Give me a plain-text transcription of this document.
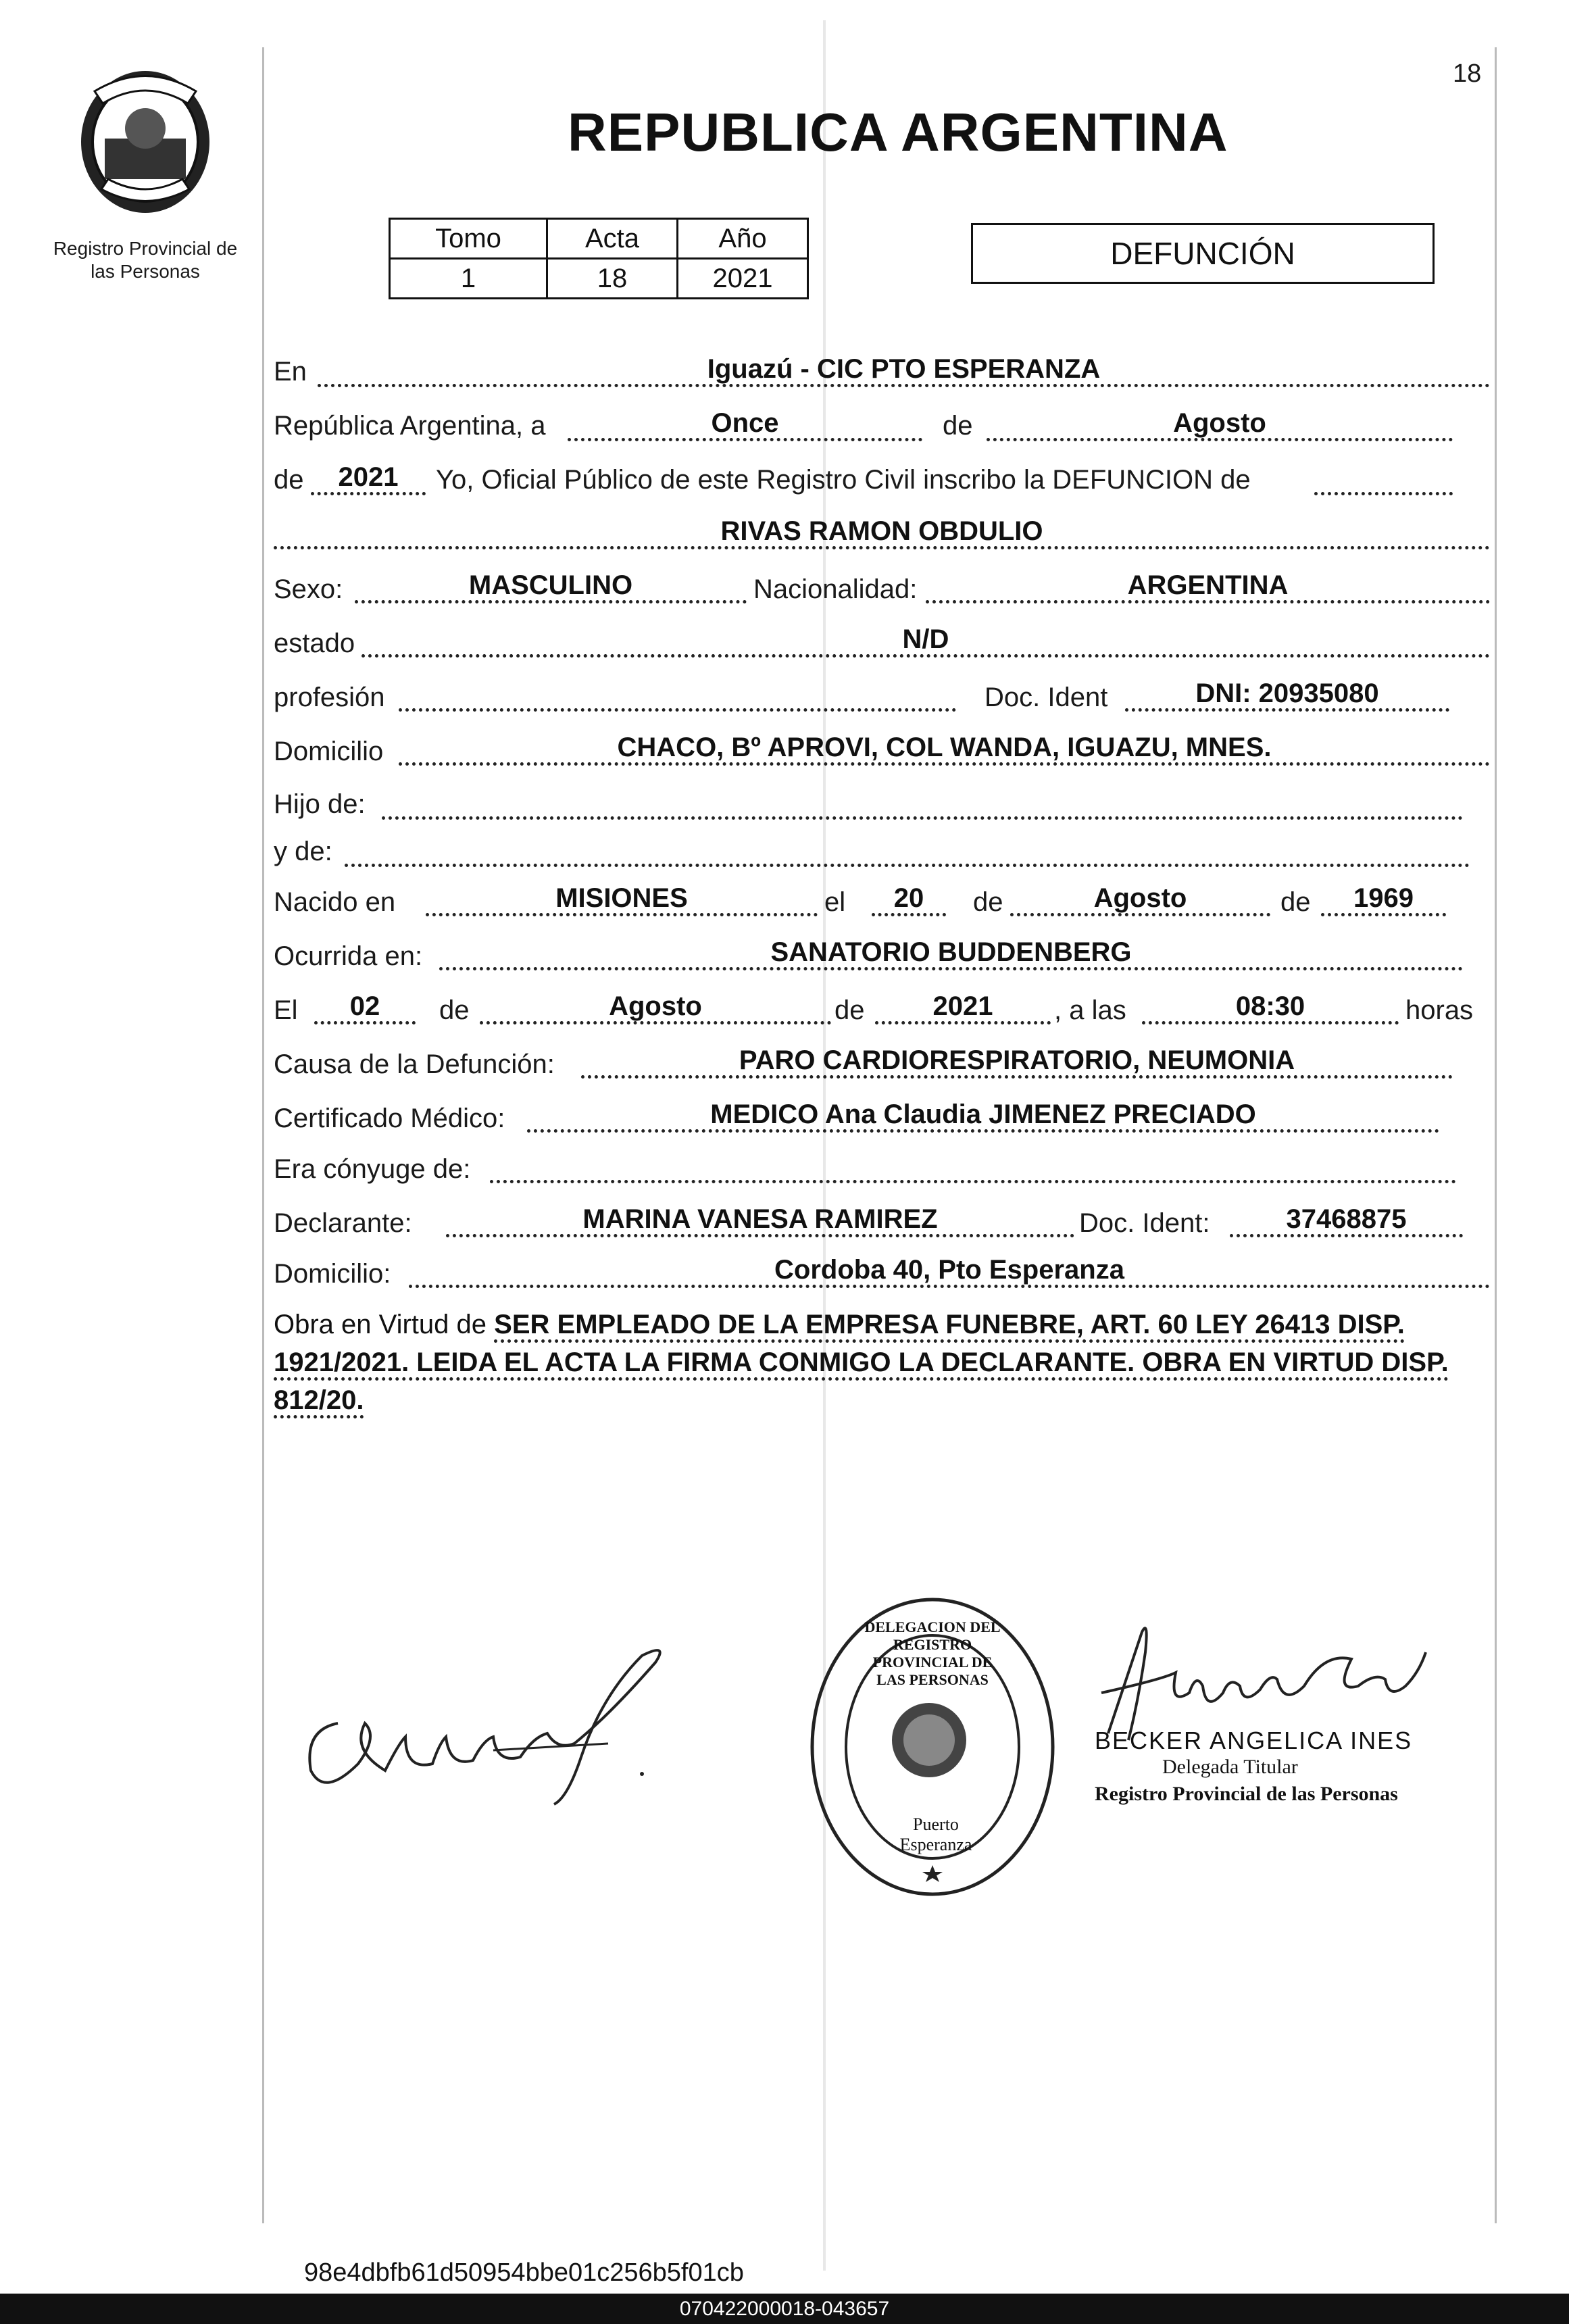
18
Registro Provincial de
las Personas
REPUBLICA ARGENTINA
Tomo	Acta	Año
1	18	2021
DEFUNCIÓN
En	Iguazú - CIC PTO ESPERANZA
República Argentina, a	Once	de	Agosto
de	2021	Yo, Oficial Público de este Registro Civil inscribo la DEFUNCION de
RIVAS RAMON OBDULIO
Sexo:	MASCULINO	Nacionalidad:	ARGENTINA
estado	N/D
profesión	Doc. Ident	DNI: 20935080
Domicilio	CHACO, Bº APROVI, COL WANDA, IGUAZU, MNES.
Hijo de:
y de:
Nacido en	MISIONES	el	20	de	Agosto	de	1969
Ocurrida en:	SANATORIO BUDDENBERG
El	02	de	Agosto	de	2021	, a las	08:30	horas
Causa de la Defunción:	PARO CARDIORESPIRATORIO, NEUMONIA
Certificado Médico:	MEDICO Ana Claudia JIMENEZ PRECIADO
Era cónyuge de:
Declarante:	MARINA VANESA RAMIREZ	Doc. Ident:	37468875
Domicilio:	Cordoba 40, Pto Esperanza
Obra en Virtud de SER EMPLEADO DE LA EMPRESA FUNEBRE, ART. 60 LEY 26413 DISP. 1921/2021. LEIDA EL ACTA LA FIRMA CONMIGO LA DECLARANTE. OBRA EN VIRTUD DISP. 812/20.
DELEGACION DEL REGISTRO PROVINCIAL DE LAS PERSONAS
Puerto Esperanza
BECKER ANGELICA INES
Delegada Titular
Registro Provincial de las Personas
98e4dbfb61d50954bbe01c256b5f01cb
070422000018-043657
